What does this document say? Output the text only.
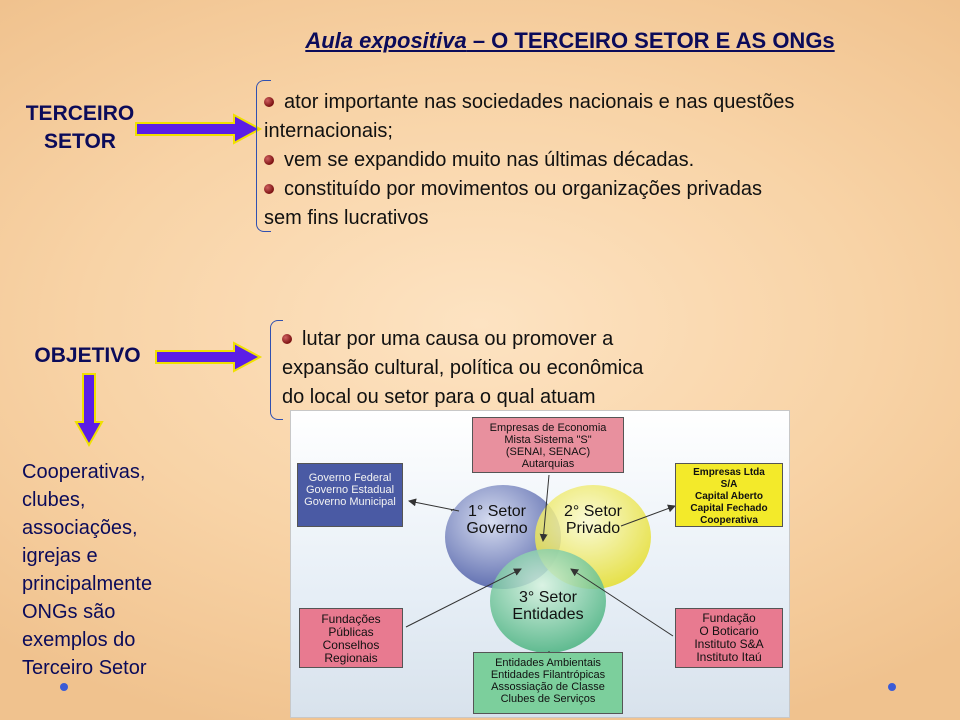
Aula expositiva – O TERCEIRO SETOR E AS ONGs
TERCEIRO
SETOR
ator importante nas sociedades nacionais e nas questões
internacionais;
vem se expandido muito nas últimas décadas.
constituído por movimentos ou organizações privadas
sem fins lucrativos
OBJETIVO
lutar por uma causa ou promover a
expansão cultural, política ou econômica
do local ou setor para o qual atuam
Cooperativas,
clubes,
associações,
igrejas e
principalmente
ONGs são
exemplos do
Terceiro Setor
1° Setor
Governo
2° Setor
Privado
3° Setor
Entidades
Empresas de Economia
Mista Sistema "S"
(SENAI, SENAC)
Autarquias
Governo Federal
Governo Estadual
Governo Municipal
Empresas Ltda
S/A
Capital Aberto
Capital Fechado
Cooperativa
Fundações
Públicas
Conselhos
Regionais
Fundação
O Boticario
Instituto S&A
Instituto Itaú
Entidades Ambientais
Entidades Filantrópicas
Assossiação de Classe
Clubes de Serviços
